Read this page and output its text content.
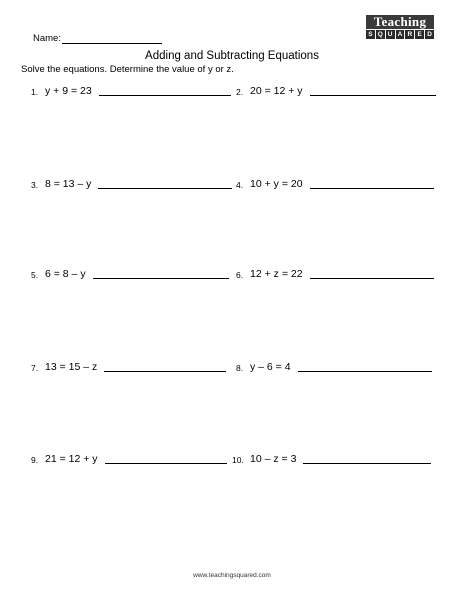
Name:
Teaching
S Q U A R E D
Adding and Subtracting Equations
Solve the equations. Determine the value of y or z.
1. y + 9 = 23	2. 20 = 12 + y
3. 8 = 13 – y	4. 10 + y = 20
5. 6 = 8 – y	6. 12 + z = 22
7. 13 = 15 – z	8. y – 6 = 4
9. 21 = 12 + y	10. 10 – z = 3
www.teachingsquared.com
